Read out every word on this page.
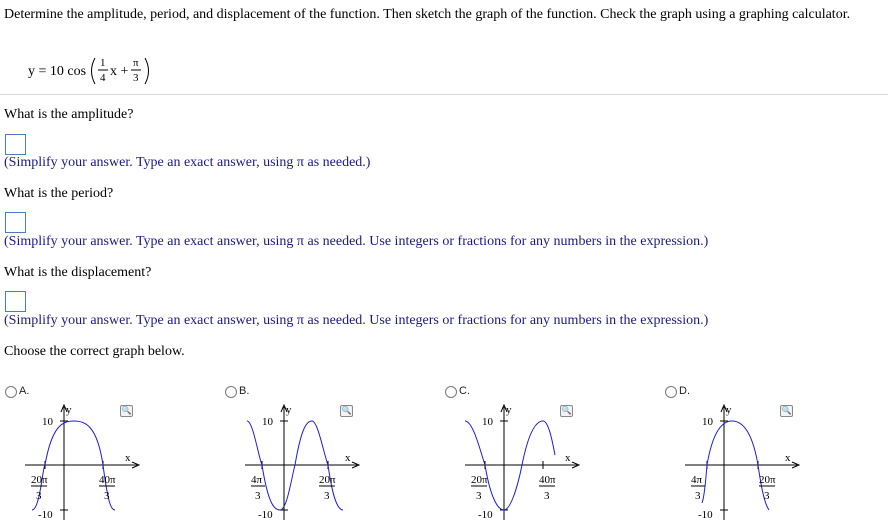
Determine the amplitude, period, and displacement of the function. Then sketch the graph of the function. Check the graph using a graphing calculator.
y = 10 cos
1
4 x +
π
3
What is the amplitude?
(Simplify your answer. Type an exact answer, using π as needed.)
What is the period?
(Simplify your answer. Type an exact answer, using π as needed. Use integers or fractions for any numbers in the expression.)
What is the displacement?
(Simplify your answer. Type an exact answer, using π as needed. Use integers or fractions for any numbers in the expression.)
Choose the correct graph below.
A.
🔍
y
x
10
-10
20π
3
40π
3
B.
🔍
y
x
10
-10
4π
3
20π
3
C.
🔍
y
x
10
-10
20π
3
40π
3
D.
🔍
y
x
10
-10
4π
3
20π
3
